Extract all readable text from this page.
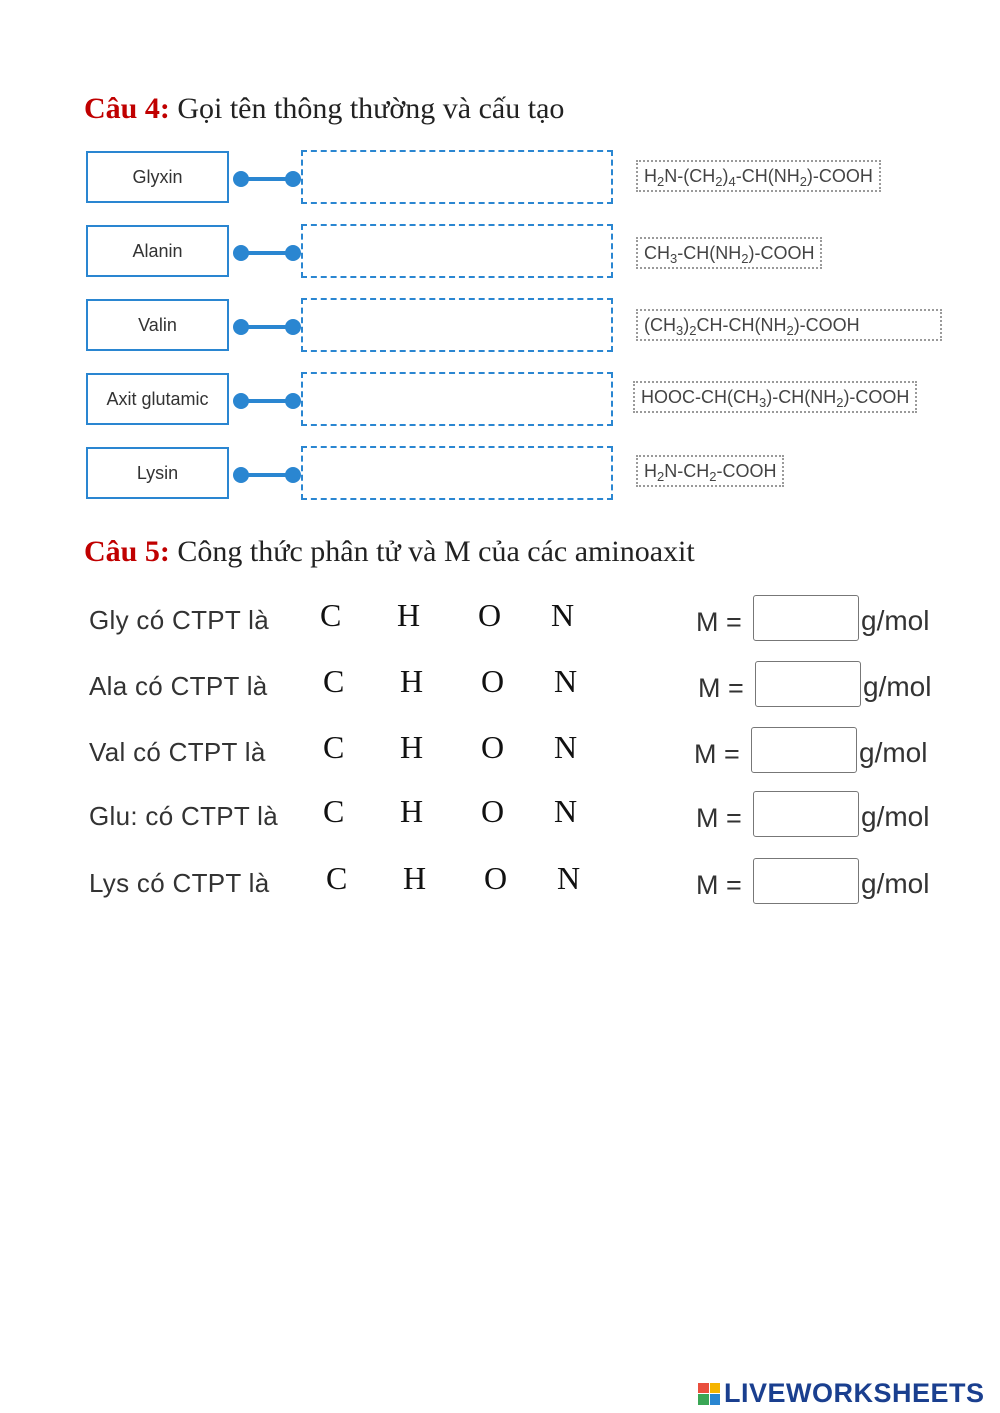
Câu 4: Gọi tên thông thường và cấu tạo
Glyxin	$H_2N-(CH_2)_4-CH(NH_2)$-COOH
Alanin	$CH_3-CH(NH_2)$-COOH
Valin	$(CH_3)_2CH-CH(NH_2)$-COOH
Axit glutamic	HOOC-$CH(CH_3)-CH(NH_2)$-COOH
Lysin	$H_2N-CH_2$-COOH
Câu 5: Công thức phân tử và M của các aminoaxit
Gly có CTPT là C H O N	M =	g/mol
Ala có CTPT là C H O N	M =	g/mol
Val có CTPT là C H O N	M =	g/mol
Glu: có CTPT là C H O N	M =	g/mol
Lys có CTPT là C H O N	M =	g/mol
LIVEWORKSHEETS
